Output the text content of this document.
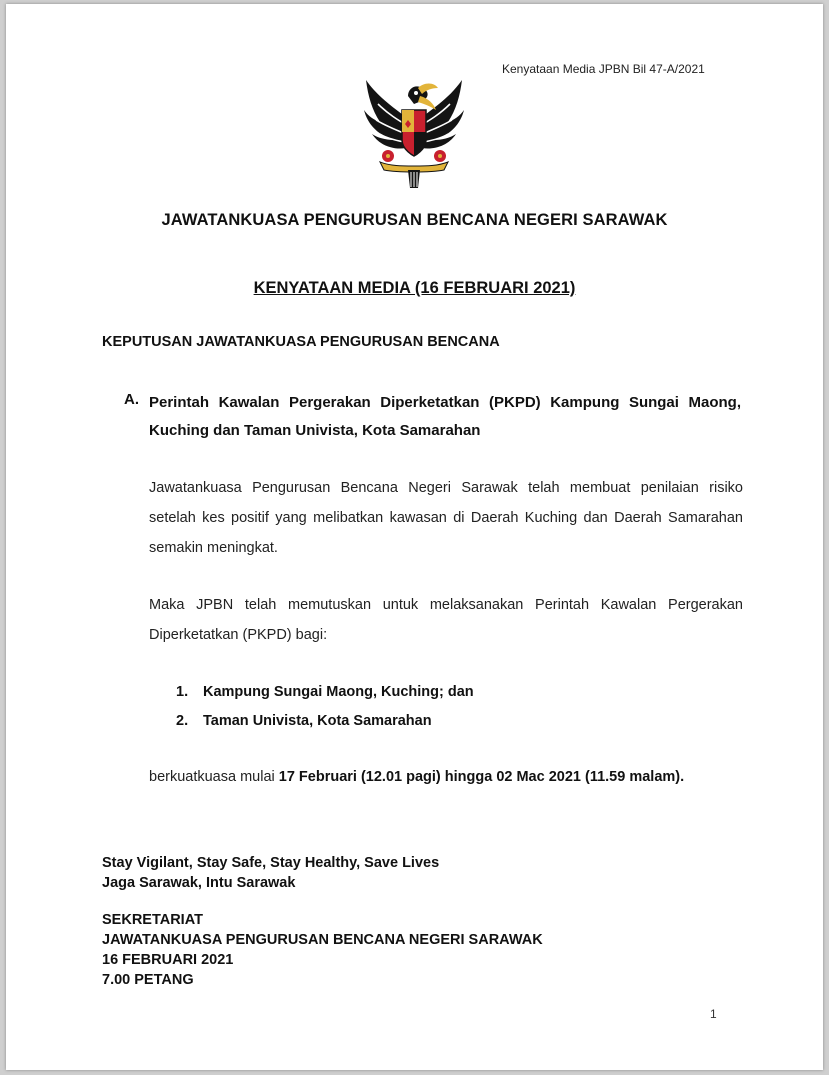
Kenyataan Media JPBN Bil 47-A/2021
JAWATANKUASA PENGURUSAN BENCANA NEGERI SARAWAK
KENYATAAN MEDIA (16 FEBRUARI 2021)
KEPUTUSAN JAWATANKUASA PENGURUSAN BENCANA
A. Perintah Kawalan Pergerakan Diperketatkan (PKPD) Kampung Sungai Maong, Kuching dan Taman Univista, Kota Samarahan
Jawatankuasa Pengurusan Bencana Negeri Sarawak telah membuat penilaian risiko setelah kes positif yang melibatkan kawasan di Daerah Kuching dan Daerah Samarahan semakin meningkat.
Maka JPBN telah memutuskan untuk melaksanakan Perintah Kawalan Pergerakan Diperketatkan (PKPD) bagi:
1. Kampung Sungai Maong, Kuching; dan
2. Taman Univista, Kota Samarahan
berkuatkuasa mulai 17 Februari (12.01 pagi) hingga 02 Mac 2021 (11.59 malam).
Stay Vigilant, Stay Safe, Stay Healthy, Save Lives
Jaga Sarawak, Intu Sarawak
SEKRETARIAT
JAWATANKUASA PENGURUSAN BENCANA NEGERI SARAWAK
16 FEBRUARI 2021
7.00 PETANG
1
